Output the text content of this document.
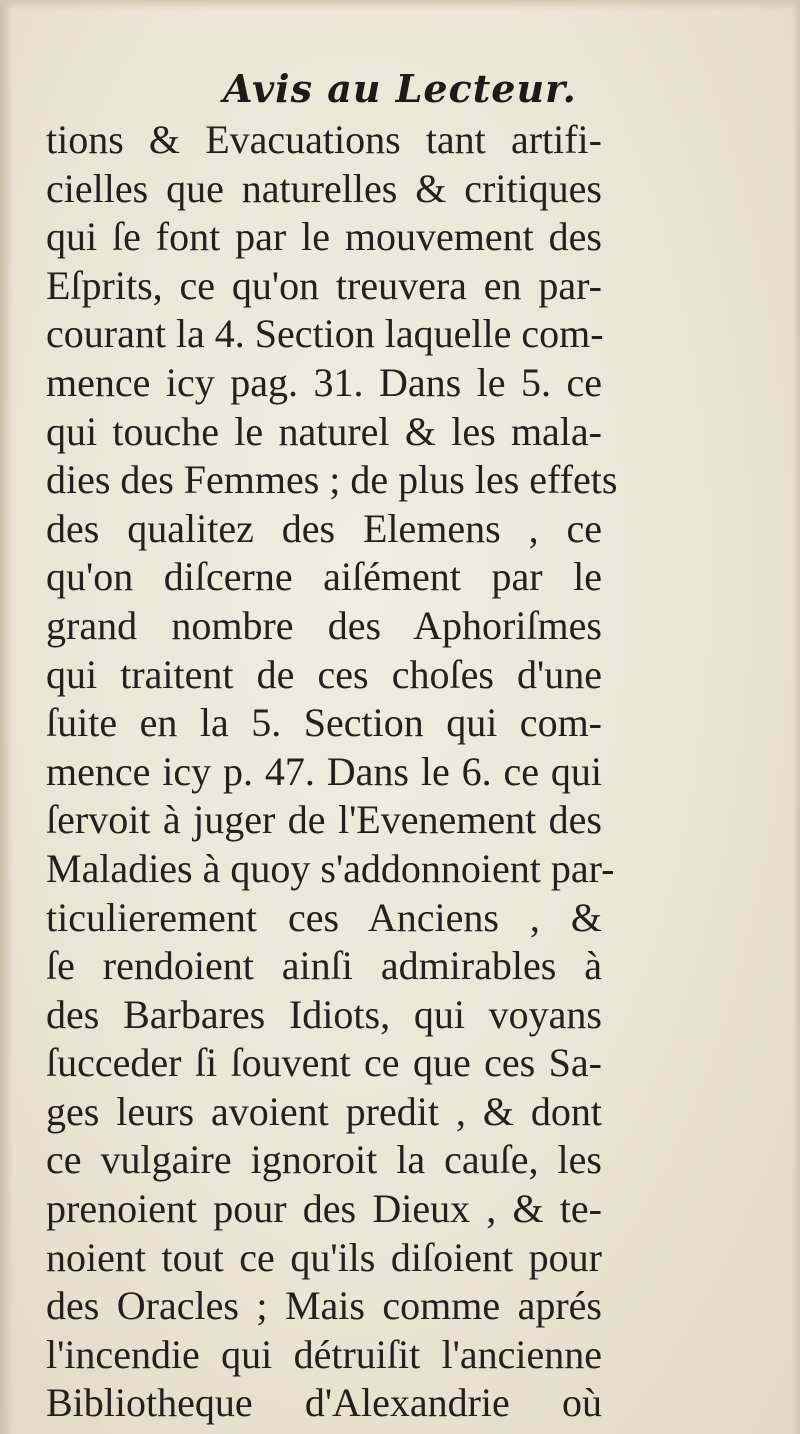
Avis au Lecteur.
tions & Evacuations tant artifi-
cielles que naturelles & critiques
qui ſe font par le mouvement des
Eſprits, ce qu'on treuvera en par-
courant la 4. Section laquelle com-
mence icy pag. 31. Dans le 5. ce
qui touche le naturel & les mala-
dies des Femmes ; de plus les effets
des qualitez des Elemens , ce
qu'on diſcerne aiſément par le
grand nombre des Aphoriſmes
qui traitent de ces choſes d'une
ſuite en la 5. Section qui com-
mence icy p. 47. Dans le 6. ce qui
ſervoit à juger de l'Evenement des
Maladies à quoy s'addonnoient par-
ticulierement ces Anciens , &
ſe rendoient ainſi admirables à
des Barbares Idiots, qui voyans
ſucceder ſi ſouvent ce que ces Sa-
ges leurs avoient predit , & dont
ce vulgaire ignoroit la cauſe, les
prenoient pour des Dieux , & te-
noient tout ce qu'ils diſoient pour
des Oracles ; Mais comme aprés
l'incendie qui détruiſit l'ancienne
Bibliotheque d'Alexandrie où
